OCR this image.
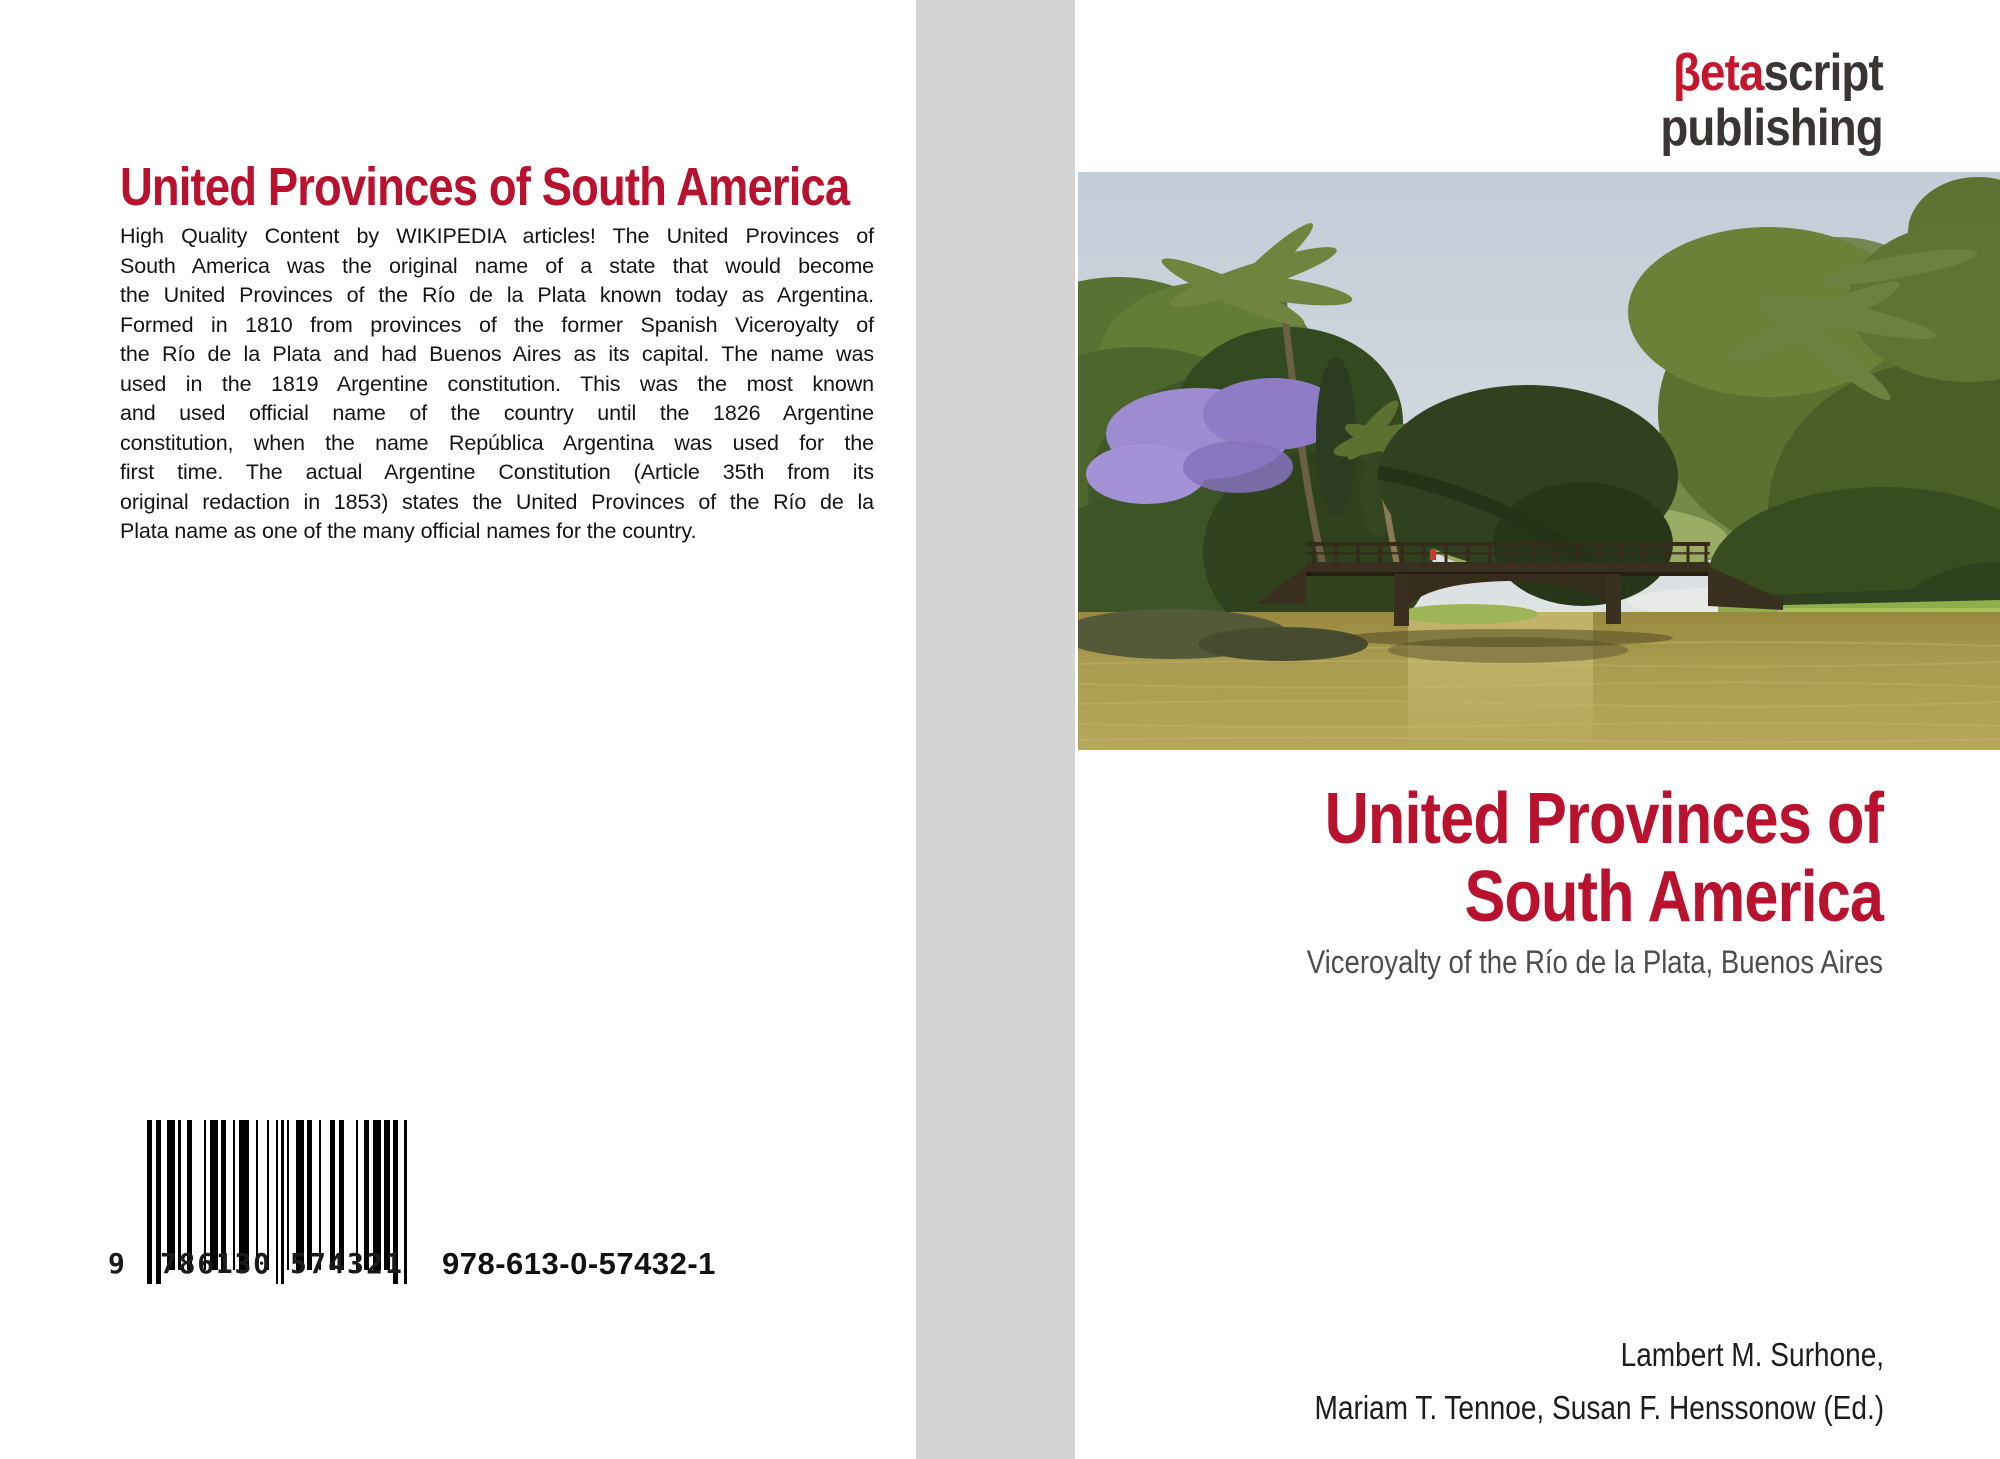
United Provinces of South America
High Quality Content by WIKIPEDIA articles! The United Provinces of
South America was the original name of a state that would become
the United Provinces of the Río de la Plata known today as Argentina.
Formed in 1810 from provinces of the former Spanish Viceroyalty of
the Río de la Plata and had Buenos Aires as its capital. The name was
used in the 1819 Argentine constitution. This was the most known
and used official name of the country until the 1826 Argentine
constitution, when the name República Argentina was used for the
first time. The actual Argentine Constitution (Article 35th from its
original redaction in 1853) states the United Provinces of the Río de la
Plata name as one of the many official names for the country.
9 7 8 6 1 3 0 5 7 4 3 2 1 978-613-0-57432-1
βetascript
publishing
United Provinces of
South America
Viceroyalty of the Río de la Plata, Buenos Aires
Lambert M. Surhone,
Mariam T. Tennoe, Susan F. Henssonow (Ed.)
